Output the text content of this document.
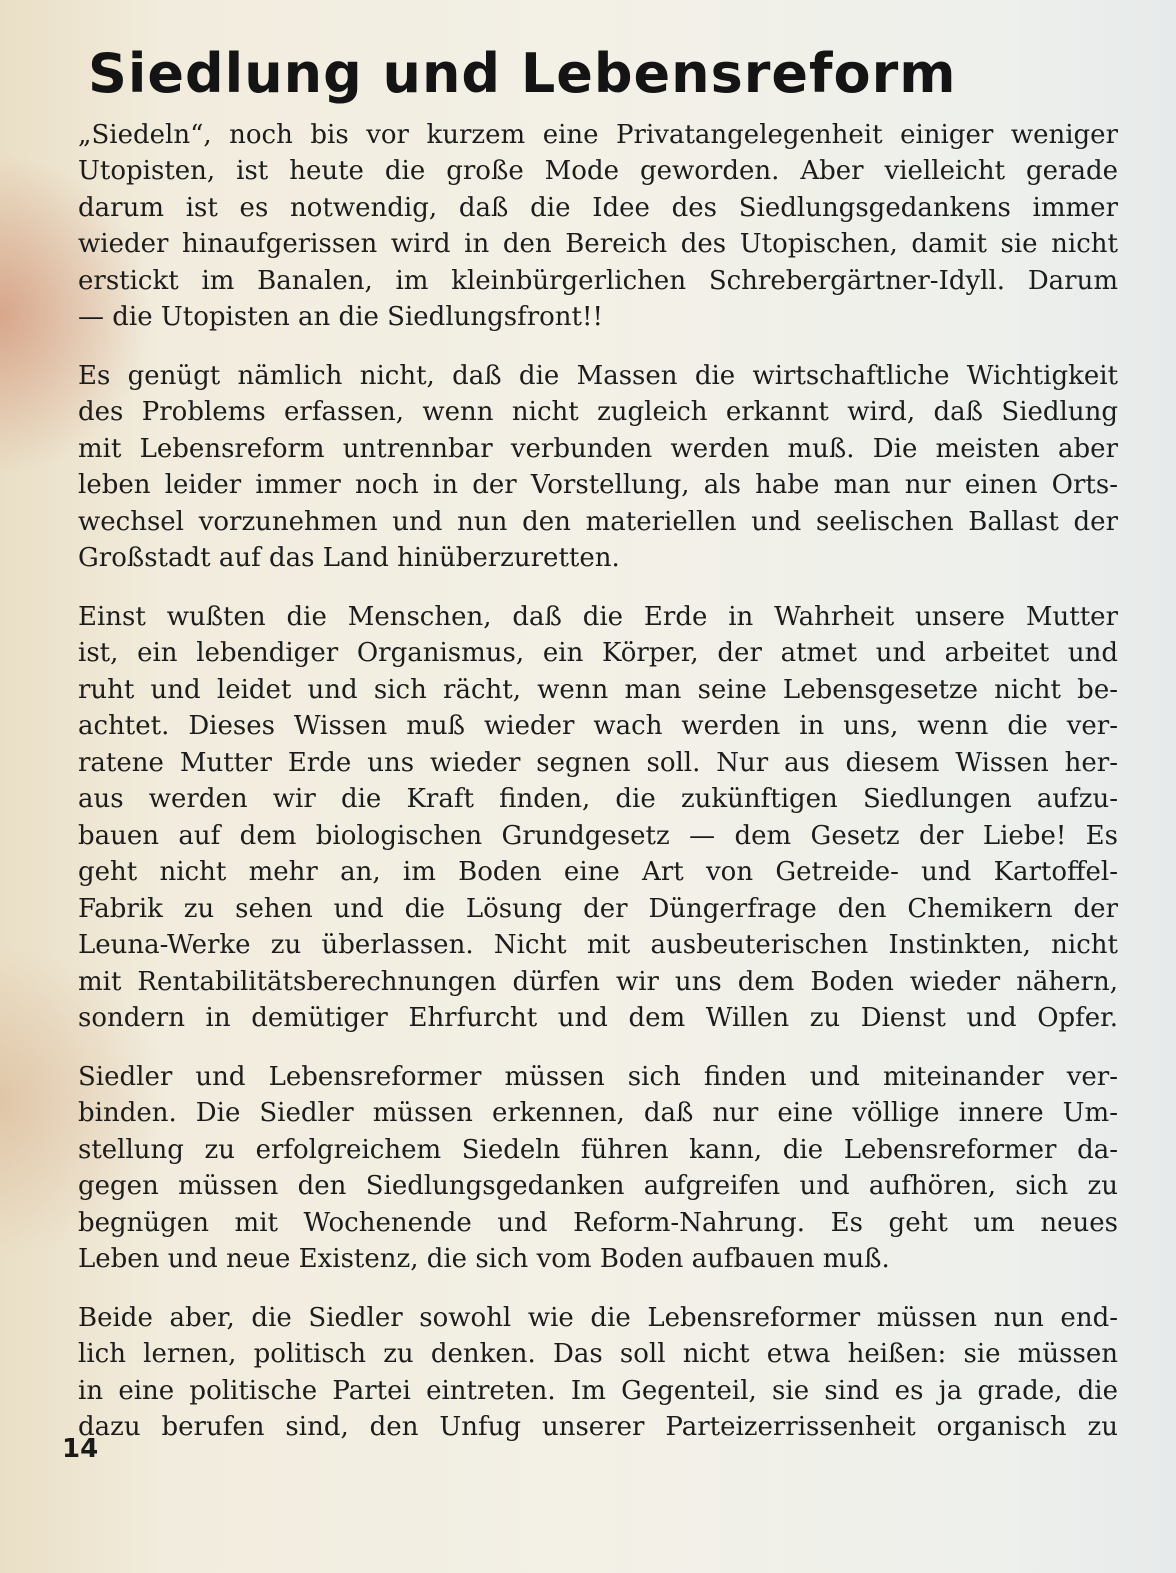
Siedlung und Lebensreform
„Siedeln“, noch bis vor kurzem eine Privatangelegenheit einiger weniger
Utopisten, ist heute die große Mode geworden. Aber vielleicht gerade
darum ist es notwendig, daß die Idee des Siedlungsgedankens immer
wieder hinaufgerissen wird in den Bereich des Utopischen, damit sie nicht
erstickt im Banalen, im kleinbürgerlichen Schrebergärtner-Idyll. Darum
— die Utopisten an die Siedlungsfront!!
Es genügt nämlich nicht, daß die Massen die wirtschaftliche Wichtigkeit
des Problems erfassen, wenn nicht zugleich erkannt wird, daß Siedlung
mit Lebensreform untrennbar verbunden werden muß. Die meisten aber
leben leider immer noch in der Vorstellung, als habe man nur einen Orts-
wechsel vorzunehmen und nun den materiellen und seelischen Ballast der
Großstadt auf das Land hinüberzuretten.
Einst wußten die Menschen, daß die Erde in Wahrheit unsere Mutter
ist, ein lebendiger Organismus, ein Körper, der atmet und arbeitet und
ruht und leidet und sich rächt, wenn man seine Lebensgesetze nicht be-
achtet. Dieses Wissen muß wieder wach werden in uns, wenn die ver-
ratene Mutter Erde uns wieder segnen soll. Nur aus diesem Wissen her-
aus werden wir die Kraft finden, die zukünftigen Siedlungen aufzu-
bauen auf dem biologischen Grundgesetz — dem Gesetz der Liebe! Es
geht nicht mehr an, im Boden eine Art von Getreide- und Kartoffel-
Fabrik zu sehen und die Lösung der Düngerfrage den Chemikern der
Leuna-Werke zu überlassen. Nicht mit ausbeuterischen Instinkten, nicht
mit Rentabilitätsberechnungen dürfen wir uns dem Boden wieder nähern,
sondern in demütiger Ehrfurcht und dem Willen zu Dienst und Opfer.
Siedler und Lebensreformer müssen sich finden und miteinander ver-
binden. Die Siedler müssen erkennen, daß nur eine völlige innere Um-
stellung zu erfolgreichem Siedeln führen kann, die Lebensreformer da-
gegen müssen den Siedlungsgedanken aufgreifen und aufhören, sich zu
begnügen mit Wochenende und Reform-Nahrung. Es geht um neues
Leben und neue Existenz, die sich vom Boden aufbauen muß.
Beide aber, die Siedler sowohl wie die Lebensreformer müssen nun end-
lich lernen, politisch zu denken. Das soll nicht etwa heißen: sie müssen
in eine politische Partei eintreten. Im Gegenteil, sie sind es ja grade, die
dazu berufen sind, den Unfug unserer Parteizerrissenheit organisch zu
14
